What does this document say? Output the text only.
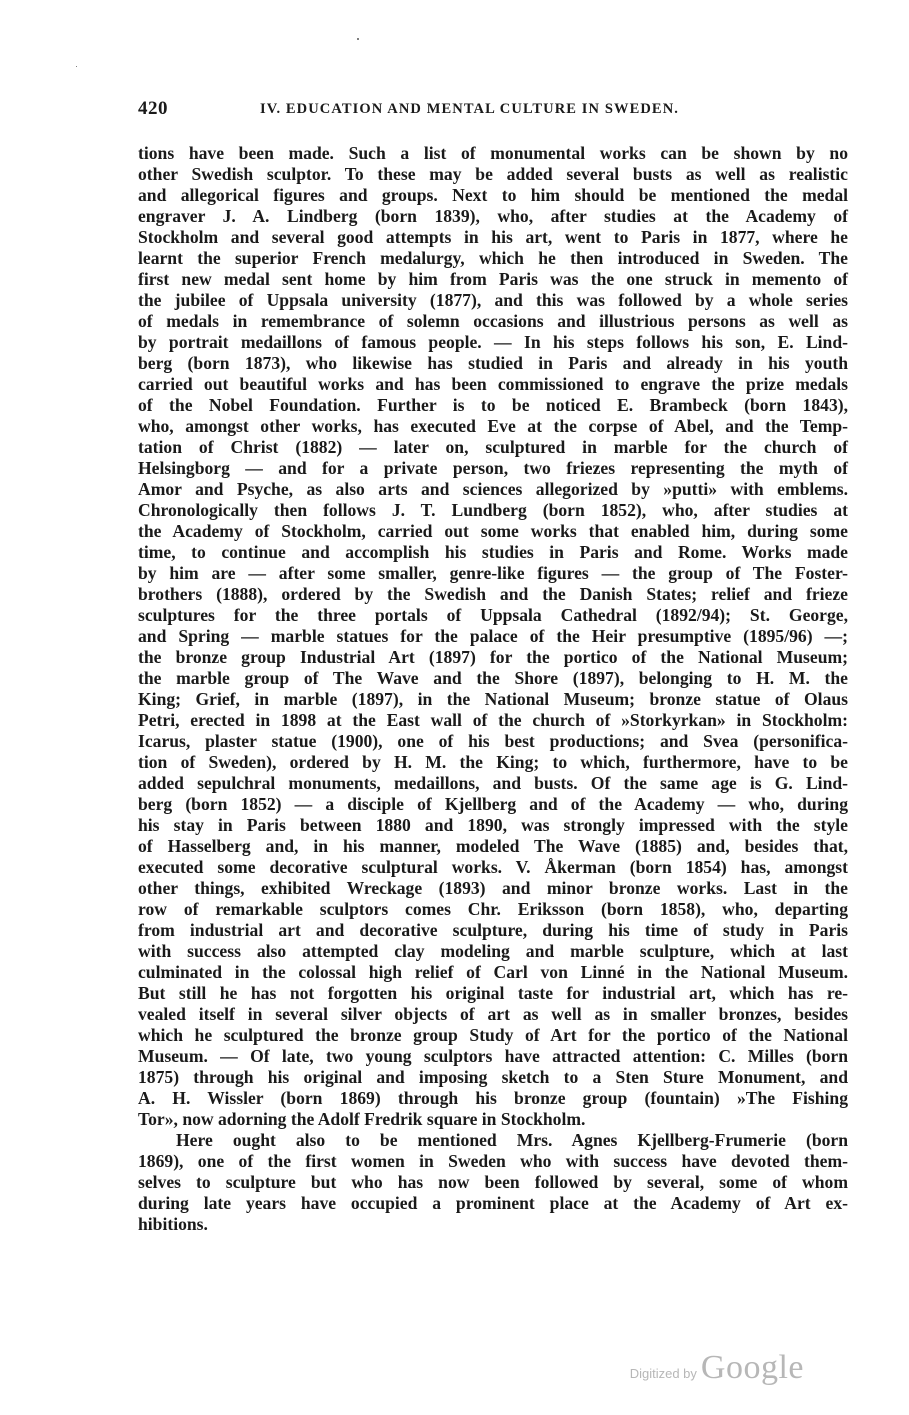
420	IV. EDUCATION AND MENTAL CULTURE IN SWEDEN.
tions have been made. Such a list of monumental works can be shown by no
other Swedish sculptor. To these may be added several busts as well as realistic
and allegorical figures and groups. Next to him should be mentioned the medal
engraver J. A. Lindberg (born 1839), who, after studies at the Academy of
Stockholm and several good attempts in his art, went to Paris in 1877, where he
learnt the superior French medalurgy, which he then introduced in Sweden. The
first new medal sent home by him from Paris was the one struck in memento of
the jubilee of Uppsala university (1877), and this was followed by a whole series
of medals in remembrance of solemn occasions and illustrious persons as well as
by portrait medaillons of famous people. — In his steps follows his son, E. Lind-
berg (born 1873), who likewise has studied in Paris and already in his youth
carried out beautiful works and has been commissioned to engrave the prize medals
of the Nobel Foundation. Further is to be noticed E. Brambeck (born 1843),
who, amongst other works, has executed Eve at the corpse of Abel, and the Temp-
tation of Christ (1882) — later on, sculptured in marble for the church of
Helsingborg — and for a private person, two friezes representing the myth of
Amor and Psyche, as also arts and sciences allegorized by »putti» with emblems.
Chronologically then follows J. T. Lundberg (born 1852), who, after studies at
the Academy of Stockholm, carried out some works that enabled him, during some
time, to continue and accomplish his studies in Paris and Rome. Works made
by him are — after some smaller, genre-like figures — the group of The Foster-
brothers (1888), ordered by the Swedish and the Danish States; relief and frieze
sculptures for the three portals of Uppsala Cathedral (1892/94); St. George,
and Spring — marble statues for the palace of the Heir presumptive (1895/96) —;
the bronze group Industrial Art (1897) for the portico of the National Museum;
the marble group of The Wave and the Shore (1897), belonging to H. M. the
King; Grief, in marble (1897), in the National Museum; bronze statue of Olaus
Petri, erected in 1898 at the East wall of the church of »Storkyrkan» in Stockholm:
Icarus, plaster statue (1900), one of his best productions; and Svea (personifica-
tion of Sweden), ordered by H. M. the King; to which, furthermore, have to be
added sepulchral monuments, medaillons, and busts. Of the same age is G. Lind-
berg (born 1852) — a disciple of Kjellberg and of the Academy — who, during
his stay in Paris between 1880 and 1890, was strongly impressed with the style
of Hasselberg and, in his manner, modeled The Wave (1885) and, besides that,
executed some decorative sculptural works. V. Åkerman (born 1854) has, amongst
other things, exhibited Wreckage (1893) and minor bronze works. Last in the
row of remarkable sculptors comes Chr. Eriksson (born 1858), who, departing
from industrial art and decorative sculpture, during his time of study in Paris
with success also attempted clay modeling and marble sculpture, which at last
culminated in the colossal high relief of Carl von Linné in the National Museum.
But still he has not forgotten his original taste for industrial art, which has re-
vealed itself in several silver objects of art as well as in smaller bronzes, besides
which he sculptured the bronze group Study of Art for the portico of the National
Museum. — Of late, two young sculptors have attracted attention: C. Milles (born
1875) through his original and imposing sketch to a Sten Sture Monument, and
A. H. Wissler (born 1869) through his bronze group (fountain) »The Fishing
Tor», now adorning the Adolf Fredrik square in Stockholm.
Here ought also to be mentioned Mrs. Agnes Kjellberg-Frumerie (born
1869), one of the first women in Sweden who with success have devoted them-
selves to sculpture but who has now been followed by several, some of whom
during late years have occupied a prominent place at the Academy of Art ex-
hibitions.
Digitized by Google
